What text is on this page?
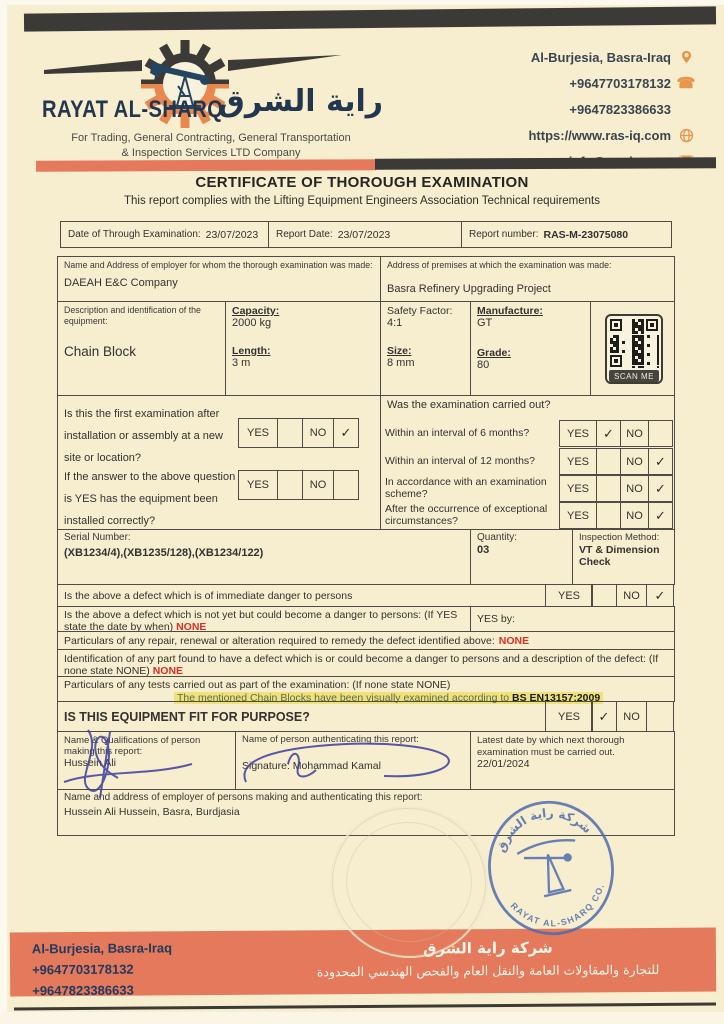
RAYAT AL-SHARQ
راية الشرق
For Trading, General Contracting, General Transportation
& Inspection Services LTD Company
Al-Burjesia, Basra-Iraq
+9647703178132 ☎
+9647823386633
https://www.ras-iq.com
CERTIFICATE OF THOROUGH EXAMINATION
This report complies with the Lifting Equipment Engineers Association Technical requirements
Date of Through Examination: 23/07/2023 Report Date: 23/07/2023	Report number: RAS-M-23075080
Name and Address of employer for whom the thorough examination was made:
DAEAH E&C Company
Address of premises at which the examination was made:
Basra Refinery Upgrading Project
Description and identification of the equipment:
Chain Block
Capacity:
2000 kg
Length:
3 m
Safety Factor:
4:1
Size:
8 mm
Manufacture:
GT
Grade:
80
SCAN ME
Is this the first examination after installation or assembly at a new site or location?
YES	NO	✓
If the answer to the above question is YES has the equipment been installed correctly?
YES	NO
Was the examination carried out?
Within an interval of 6 months?	YES	✓	NO
Within an interval of 12 months?	YES	NO ✓
In accordance with an examination scheme?	YES	NO ✓
After the occurrence of exceptional circumstances?	YES	NO ✓
Serial Number:
(XB1234/4),(XB1235/128),(XB1234/122)
Quantity:
03
Inspection Method:
VT & Dimension Check
Is the above a defect which is of immediate danger to persons	YES	NO	✓
Is the above a defect which is not yet but could become a danger to persons: (If YES state the date by when) NONE
YES by:
Particulars of any repair, renewal or alteration required to remedy the defect identified above: NONE
Identification of any part found to have a defect which is or could become a danger to persons and a description of the defect: (If none state NONE) NONE
Particulars of any tests carried out as part of the examination: (If none state NONE)
The mentioned Chain Blocks have been visually examined according to BS EN13157:2009
IS THIS EQUIPMENT FIT FOR PURPOSE?	YES	✓	NO
Name & Qualifications of person making this report:
Hussein Ali
Name of person authenticating this report:
Signature: Mohammad Kamal
Latest date by which next thorough examination must be carried out.
22/01/2024
Name and address of employer of persons making and authenticating this report:
Hussein Ali Hussein, Basra, Burdjasia
شركة راية الشرق
RAYAT AL-SHARQ CO.
Al-Burjesia, Basra-Iraq
+9647703178132
+9647823386633
شركة راية الشرق
للتجارة والمقاولات العامة والنقل العام والفحص الهندسي المحدودة
